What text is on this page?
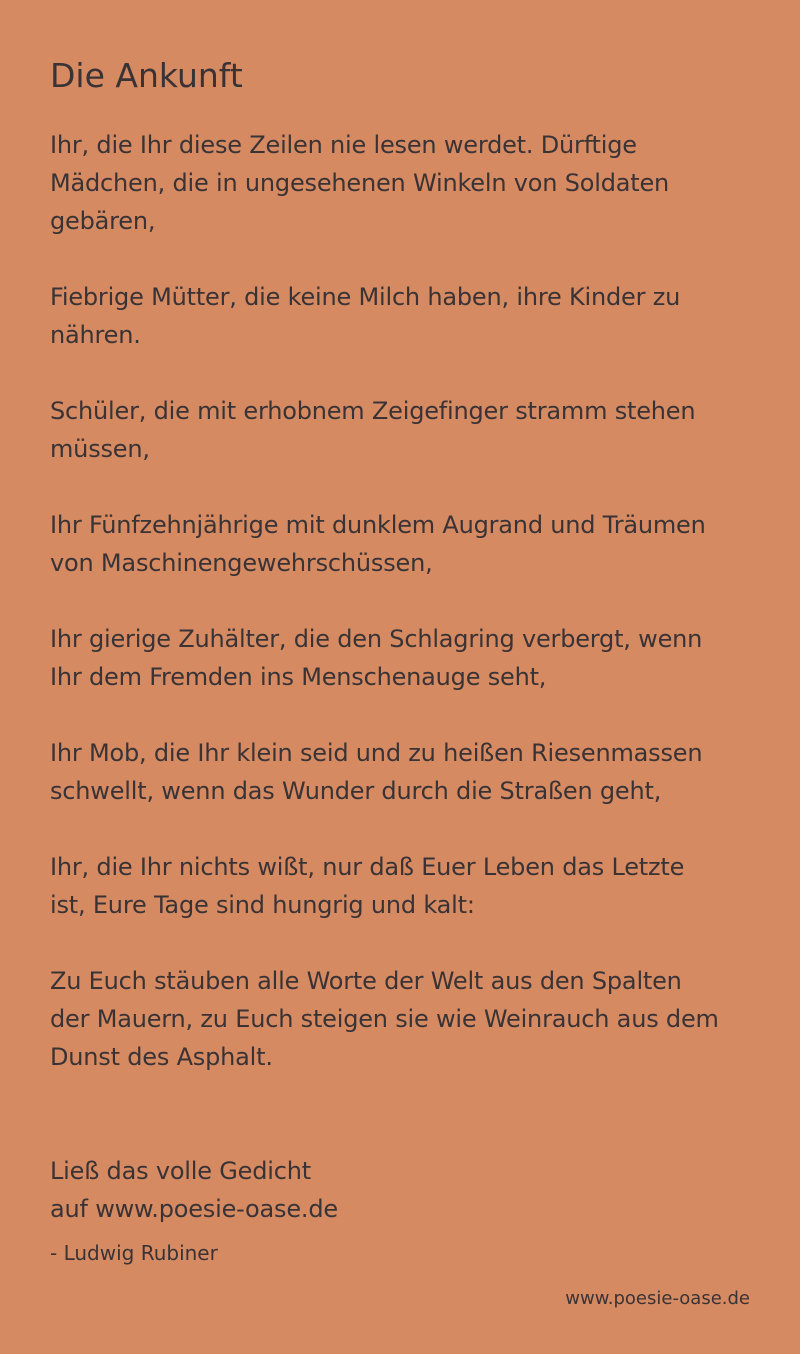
Die Ankunft

Ihr, die Ihr diese Zeilen nie lesen werdet. Dürftige
Mädchen, die in ungesehenen Winkeln von Soldaten
gebären,

Fiebrige Mütter, die keine Milch haben, ihre Kinder zu
nähren.

Schüler, die mit erhobnem Zeigefinger stramm stehen
müssen,

Ihr Fünfzehnjährige mit dunklem Augrand und Träumen
von Maschinengewehrschüssen,

Ihr gierige Zuhälter, die den Schlagring verbergt, wenn
Ihr dem Fremden ins Menschenauge seht,

Ihr Mob, die Ihr klein seid und zu heißen Riesenmassen
schwellt, wenn das Wunder durch die Straßen geht,

Ihr, die Ihr nichts wißt, nur daß Euer Leben das Letzte
ist, Eure Tage sind hungrig und kalt:

Zu Euch stäuben alle Worte der Welt aus den Spalten
der Mauern, zu Euch steigen sie wie Weinrauch aus dem
Dunst des Asphalt.

Ließ das volle Gedicht
auf www.poesie-oase.de
- Ludwig Rubiner
www.poesie-oase.de
